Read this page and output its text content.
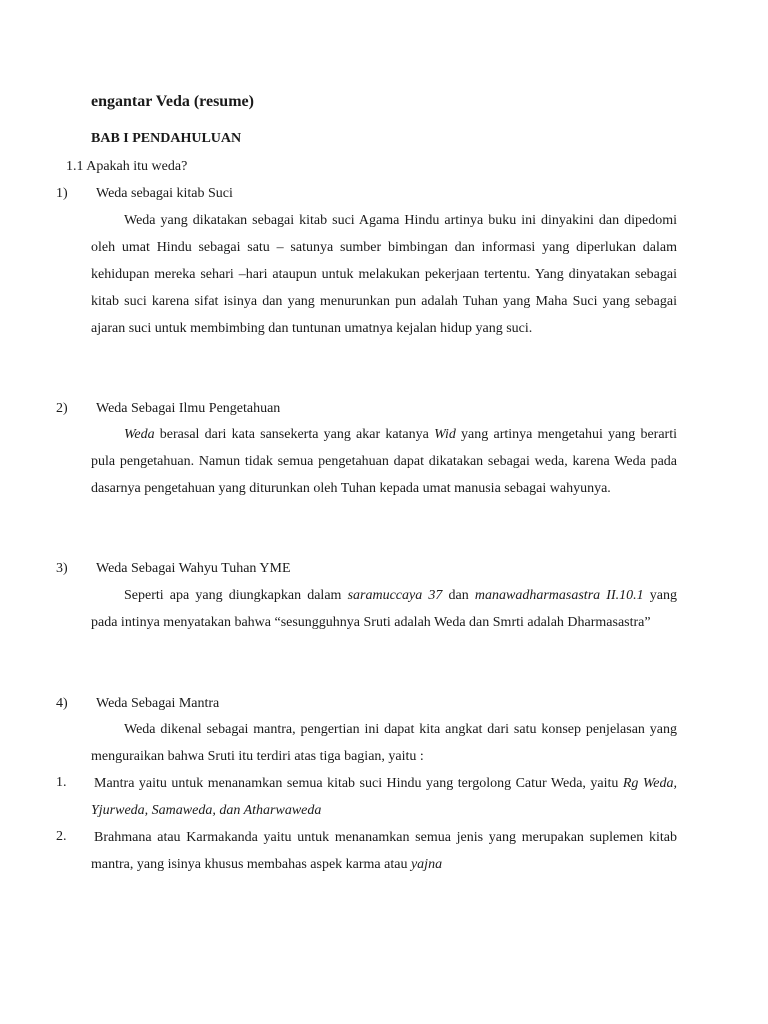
engantar Veda (resume)
BAB I PENDAHULUAN
1.1 Apakah itu weda?
1) Weda sebagai kitab Suci
Weda yang dikatakan sebagai kitab suci Agama Hindu artinya buku ini dinyakini dan dipedomi oleh umat Hindu sebagai satu – satunya sumber bimbingan dan informasi yang diperlukan dalam kehidupan mereka sehari –hari ataupun untuk melakukan pekerjaan tertentu. Yang dinyatakan sebagai kitab suci karena sifat isinya dan yang menurunkan pun adalah Tuhan yang Maha Suci yang sebagai ajaran suci untuk membimbing dan tuntunan umatnya kejalan hidup yang suci.
2) Weda Sebagai Ilmu Pengetahuan
Weda berasal dari kata sansekerta yang akar katanya Wid yang artinya mengetahui yang berarti pula pengetahuan. Namun tidak semua pengetahuan dapat dikatakan sebagai weda, karena Weda pada dasarnya pengetahuan yang diturunkan oleh Tuhan kepada umat manusia sebagai wahyunya.
3) Weda Sebagai Wahyu Tuhan YME
Seperti apa yang diungkapkan dalam saramuccaya 37 dan manawadharmasastra II.10.1 yang pada intinya menyatakan bahwa “sesungguhnya Sruti adalah Weda dan Smrti adalah Dharmasastra”
4) Weda Sebagai Mantra
Weda dikenal sebagai mantra, pengertian ini dapat kita angkat dari satu konsep penjelasan yang menguraikan bahwa Sruti itu terdiri atas tiga bagian, yaitu :
1. Mantra yaitu untuk menanamkan semua kitab suci Hindu yang tergolong Catur Weda, yaitu Rg Weda, Yjurweda, Samaweda, dan Atharwaweda
2. Brahmana atau Karmakanda yaitu untuk menanamkan semua jenis yang merupakan suplemen kitab mantra, yang isinya khusus membahas aspek karma atau yajna
